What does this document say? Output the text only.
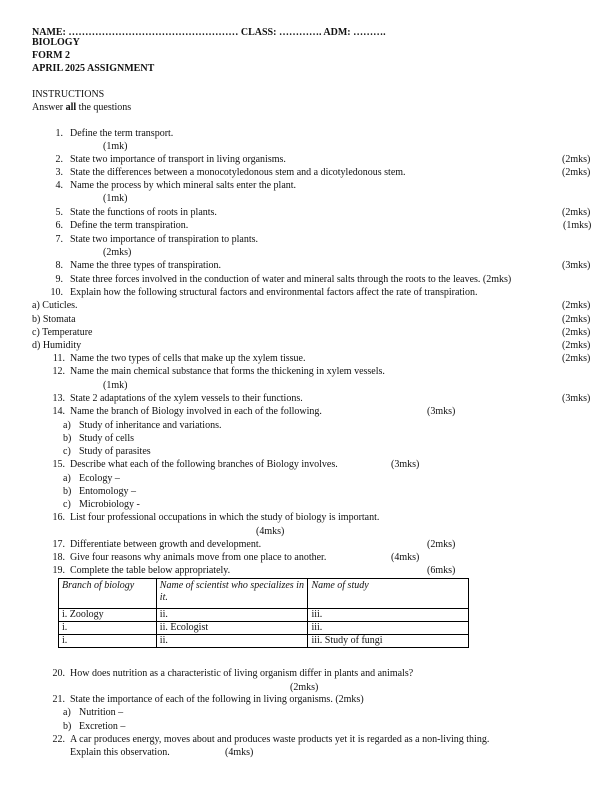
NAME: …………………………………………… CLASS: …………. ADM: ……….
BIOLOGY
FORM 2
APRIL 2025 ASSIGNMENT
INSTRUCTIONS
Answer all the questions
1. Define the term transport.
(1mk)
2. State two importance of transport in living organisms.	(2mks)
3. State the differences between a monocotyledonous stem and a dicotyledonous stem.	(2mks)
4. Name the process by which mineral salts enter the plant.
(1mk)
5. State the functions of roots in plants.	(2mks)
6. Define the term transpiration.	(1mks)
7. State two importance of transpiration to plants.
(2mks)
8. Name the three types of transpiration.	(3mks)
9. State three forces involved in the conduction of water and mineral salts through the roots to the leaves. (2mks)
10. Explain how the following structural factors and environmental factors affect the rate of transpiration.
a) Cuticles.	(2mks)
b) Stomata	(2mks)
c) Temperature	(2mks)
d) Humidity	(2mks)
11. Name the two types of cells that make up the xylem tissue.	(2mks)
12. Name the main chemical substance that forms the thickening in xylem vessels.
(1mk)
13. State 2 adaptations of the xylem vessels to their functions.	(3mks)
14. Name the branch of Biology involved in each of the following.	(3mks)
a) Study of inheritance and variations.
b) Study of cells
c) Study of parasites
15. Describe what each of the following branches of Biology involves.	(3mks)
a) Ecology –
b) Entomology –
c) Microbiology -
16. List four professional occupations in which the study of biology is important.
(4mks)
17. Differentiate between growth and development.	(2mks)
18. Give four reasons why animals move from one place to another.	(4mks)
19. Complete the table below appropriately.	(6mks)
Branch of biology	Name of scientist who specializes in it.	Name of study
i. Zoology	ii.	iii.
i.	ii. Ecologist	iii.
i.	ii.	iii. Study of fungi
20. How does nutrition as a characteristic of living organism differ in plants and animals?
(2mks)
21. State the importance of each of the following in living organisms. (2mks)
a) Nutrition –
b) Excretion –
22. A car produces energy, moves about and produces waste products yet it is regarded as a non-living thing.
Explain this observation.	(4mks)
